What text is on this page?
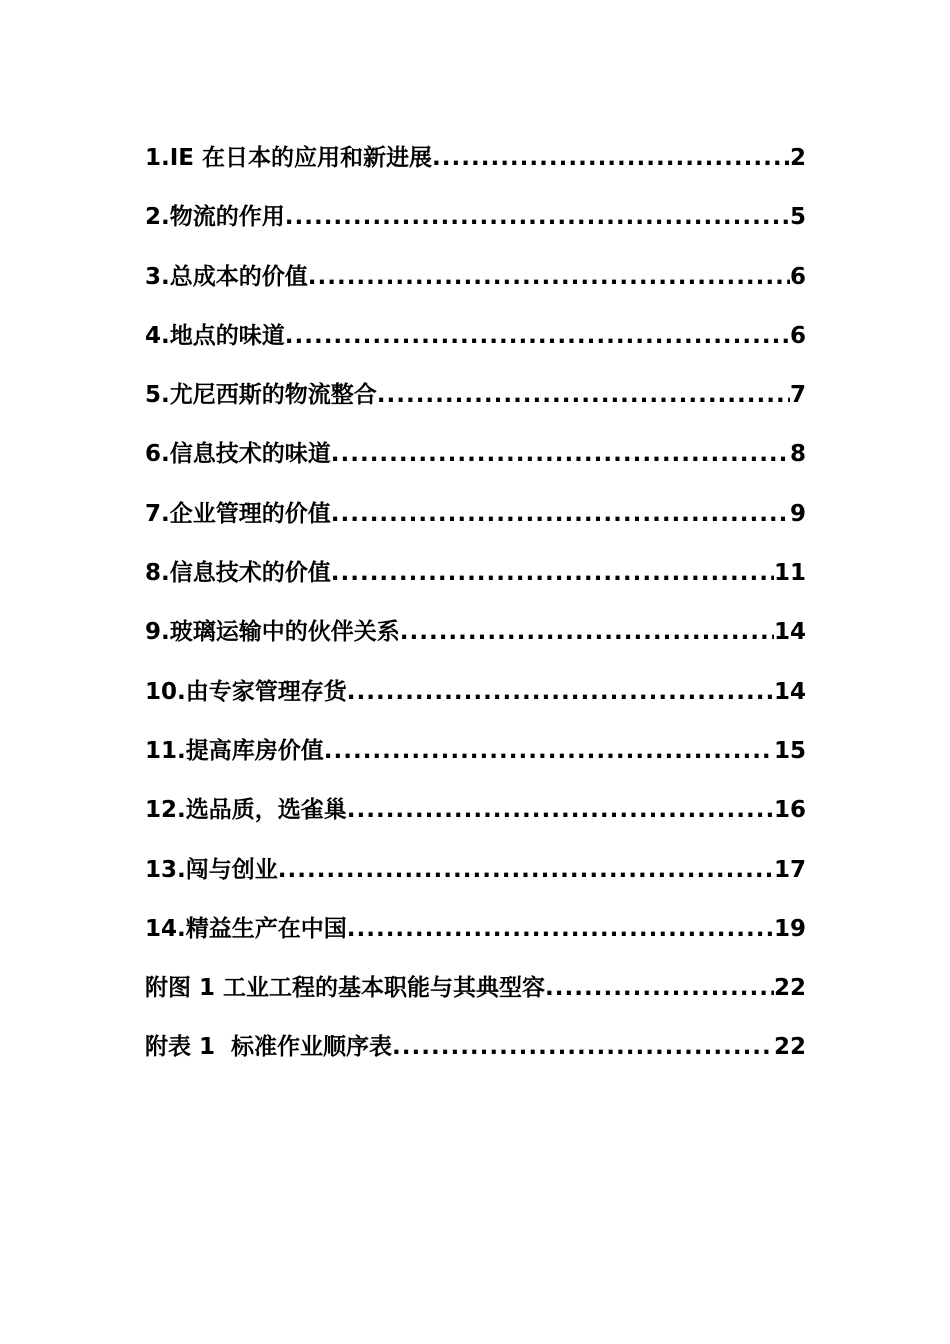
1.IE 在日本的应用和新进展 .....	2
2.物流的作用 .....	5
3.总成本的价值 .....	6
4.地点的味道 .....	6
5.尤尼西斯的物流整合 .....	7
6.信息技术的味道 .....	8
7.企业管理的价值 .....	9
8.信息技术的价值 .....	11
9.玻璃运输中的伙伴关系 .....	14
10.由专家管理存货 .....	14
11.提高库房价值 .....	15
12.选品质，选雀巢 .....	16
13.闯与创业 .....	17
14.精益生产在中国 .....	19
附图 1 工业工程的基本职能与其典型容 .....	22
附表 1  标准作业顺序表 .....	22
